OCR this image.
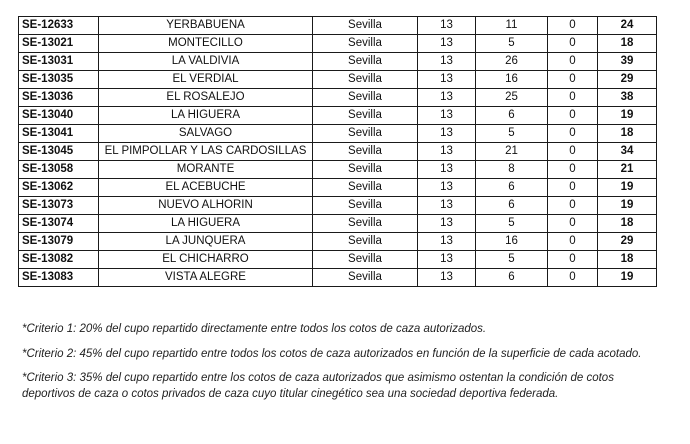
SE-12633	YERBABUENA	Sevilla	13	11	0	24
SE-13021	MONTECILLO	Sevilla	13	5	0	18
SE-13031	LA VALDIVIA	Sevilla	13	26	0	39
SE-13035	EL VERDIAL	Sevilla	13	16	0	29
SE-13036	EL ROSALEJO	Sevilla	13	25	0	38
SE-13040	LA HIGUERA	Sevilla	13	6	0	19
SE-13041	SALVAGO	Sevilla	13	5	0	18
SE-13045	EL PIMPOLLAR Y LAS CARDOSILLAS	Sevilla	13	21	0	34
SE-13058	MORANTE	Sevilla	13	8	0	21
SE-13062	EL ACEBUCHE	Sevilla	13	6	0	19
SE-13073	NUEVO ALHORIN	Sevilla	13	6	0	19
SE-13074	LA HIGUERA	Sevilla	13	5	0	18
SE-13079	LA JUNQUERA	Sevilla	13	16	0	29
SE-13082	EL CHICHARRO	Sevilla	13	5	0	18
SE-13083	VISTA ALEGRE	Sevilla	13	6	0	19

*Criterio 1: 20% del cupo repartido directamente entre todos los cotos de caza autorizados.

*Criterio 2: 45% del cupo repartido entre todos los cotos de caza autorizados en función de la superficie de cada acotado.

*Criterio 3: 35% del cupo repartido entre los cotos de caza autorizados que asimismo ostentan la condición de cotos deportivos de caza o cotos privados de caza cuyo titular cinegético sea una sociedad deportiva federada.
